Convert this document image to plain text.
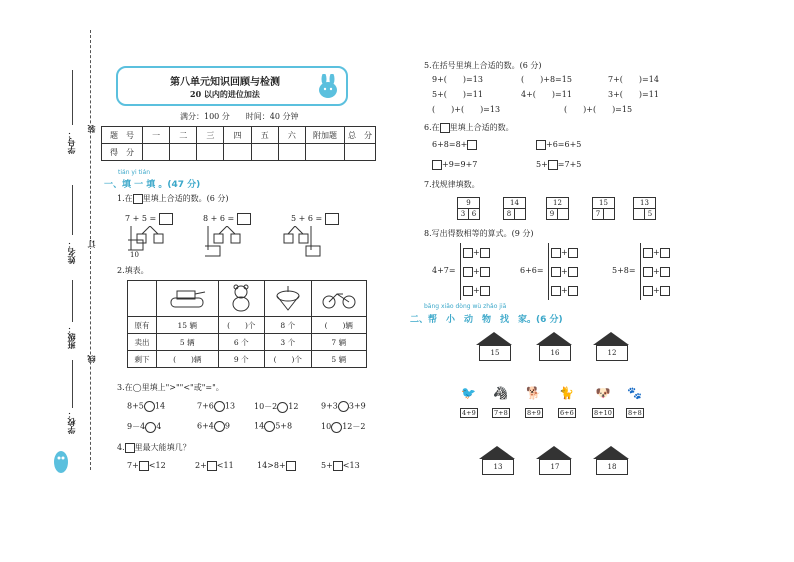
学校：
班级：
姓名：
学号：
装
订
线
第八单元知识回顾与检测
20 以内的进位加法
满分：100 分　　时间：40 分钟
题　号	一	二	三	四	五	六	附加题	总　分
得　分								
tián yi tián
一、填 一 填 。(47 分)
1.在 里填上合适的数。(6 分)
7 + 5 =
10
8 + 6 =	5 + 6 =
2.填表。

原有	15 辆	(　　)个	8 个	(　　)辆
卖出	5 辆	6 个	3 个	7 辆
剩下	(　　)辆	9 个	(　　)个	5 辆
3.在◯里填上">""<"或"="。
8+5 14	7+6 13 10－2 12	9+3 3+9
9－4 4	6+4 9	14 5+8	10 12－2
4. 里最大能填几？
7+ <12	2+ <11	14>8+	5+ <13
5.在括号里填上合适的数。(6 分)
9+(　　)=13	(　　)+8=15	7+(　　)=14
5+(　　)=11	4+(　　)=11	3+(　　)=11
(　　)+(　　)=13	(　　)+(　　)=15
6.在 里填上合适的数。
6+8=8+	+6=6+5
+9=9+7	5+ =7+5
7.找规律填数。
9
3	6
14
8	
12
9	
15
7	
13
	5
8.写出得数相等的算式。(9 分)
4+7=
+
+
+
6+6=
+
+
+
5+8=
+
+
+
bāng xiǎo dòng wù zhǎo jiā
二、帮　小　动　物　找　家。(6 分)
15	16	12
🐦
4+9
🦓
7+8
🐕
8+9
🐈
6+6
🐶
8+10
🐾
8+8
13	17	18
